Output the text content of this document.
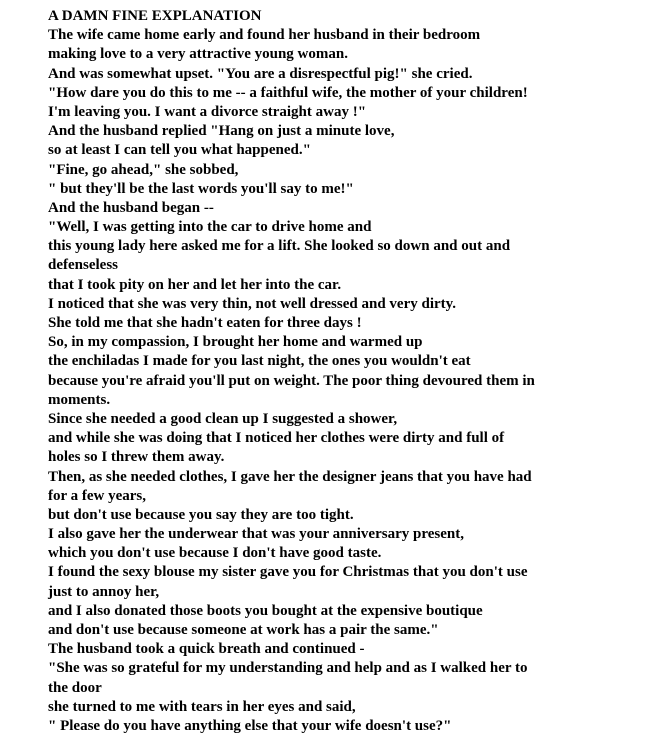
A DAMN FINE EXPLANATION
The wife came home early and found her husband in their bedroom
making love to a very attractive young woman.
And was somewhat upset. "You are a disrespectful pig!" she cried.
"How dare you do this to me -- a faithful wife, the mother of your children!
I'm leaving you. I want a divorce straight away !"
And the husband replied "Hang on just a minute love,
so at least I can tell you what happened."
"Fine, go ahead," she sobbed,
" but they'll be the last words you'll say to me!"
And the husband began --
"Well, I was getting into the car to drive home and
this young lady here asked me for a lift. She looked so down and out and
defenseless
that I took pity on her and let her into the car.
I noticed that she was very thin, not well dressed and very dirty.
She told me that she hadn't eaten for three days !
So, in my compassion, I brought her home and warmed up
the enchiladas I made for you last night, the ones you wouldn't eat
because you're afraid you'll put on weight. The poor thing devoured them in
moments.
Since she needed a good clean up I suggested a shower,
and while she was doing that I noticed her clothes were dirty and full of
holes so I threw them away.
Then, as she needed clothes, I gave her the designer jeans that you have had
for a few years,
but don't use because you say they are too tight.
I also gave her the underwear that was your anniversary present,
which you don't use because I don't have good taste.
I found the sexy blouse my sister gave you for Christmas that you don't use
just to annoy her,
and I also donated those boots you bought at the expensive boutique
and don't use because someone at work has a pair the same."
The husband took a quick breath and continued -
"She was so grateful for my understanding and help and as I walked her to
the door
she turned to me with tears in her eyes and said,
" Please do you have anything else that your wife doesn't use?"
